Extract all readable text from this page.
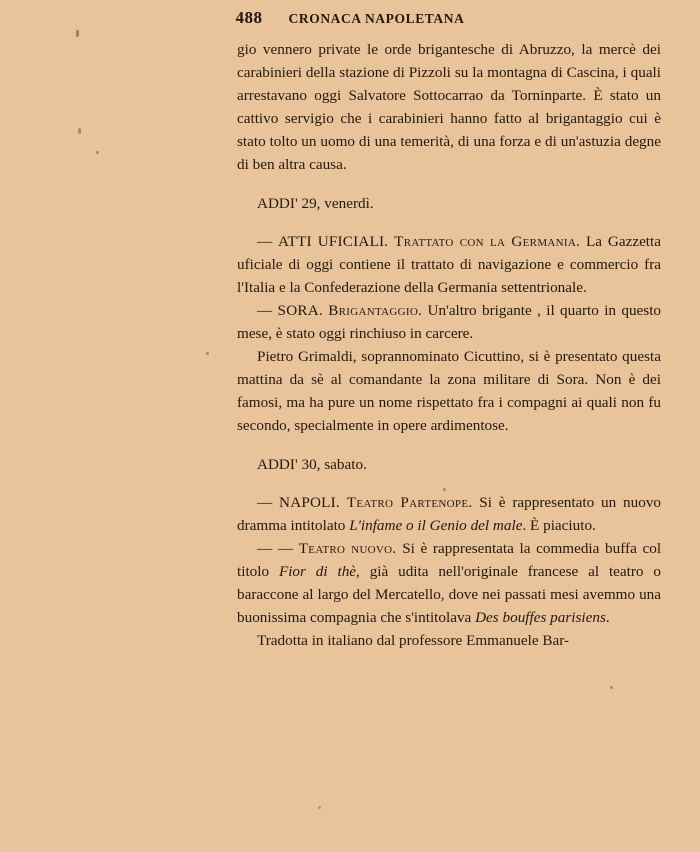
488 CRONACA NAPOLETANA

gio vennero private le orde brigantesche di Abruzzo, la mercè dei carabinieri della stazione di Pizzoli su la montagna di Cascina, i quali arrestavano oggi Salvatore Sottocarrao da Torninparte. È stato un cattivo servigio che i carabinieri hanno fatto al brigantaggio cui è stato tolto un uomo di una temerità, di una forza e di un'astuzia degne di ben altra causa.

ADDI' 29, venerdì.

— ATTI UFICIALI. Trattato con la Germania. La Gazzetta uficiale di oggi contiene il trattato di navigazione e commercio fra l'Italia e la Confederazione della Germania settentrionale.

— SORA. Brigantaggio. Un'altro brigante , il quarto in questo mese, è stato oggi rinchiuso in carcere.

Pietro Grimaldi, soprannominato Cicuttino, si è presentato questa mattina da sè al comandante la zona militare di Sora. Non è dei famosi, ma ha pure un nome rispettato fra i compagni ai quali non fu secondo, specialmente in opere ardimentose.

ADDI' 30, sabato.

— NAPOLI. Teatro Partenope. Si è rappresentato un nuovo dramma intitolato L'infame o il Genio del male. È piaciuto.

— — Teatro nuovo. Si è rappresentata la commedia buffa col titolo Fior di thè, già udita nell'originale francese al teatro o baraccone al largo del Mercatello, dove nei passati mesi avemmo una buonissima compagnia che s'intitolava Des bouffes parisiens.

Tradotta in italiano dal professore Emmanuele Bar-
